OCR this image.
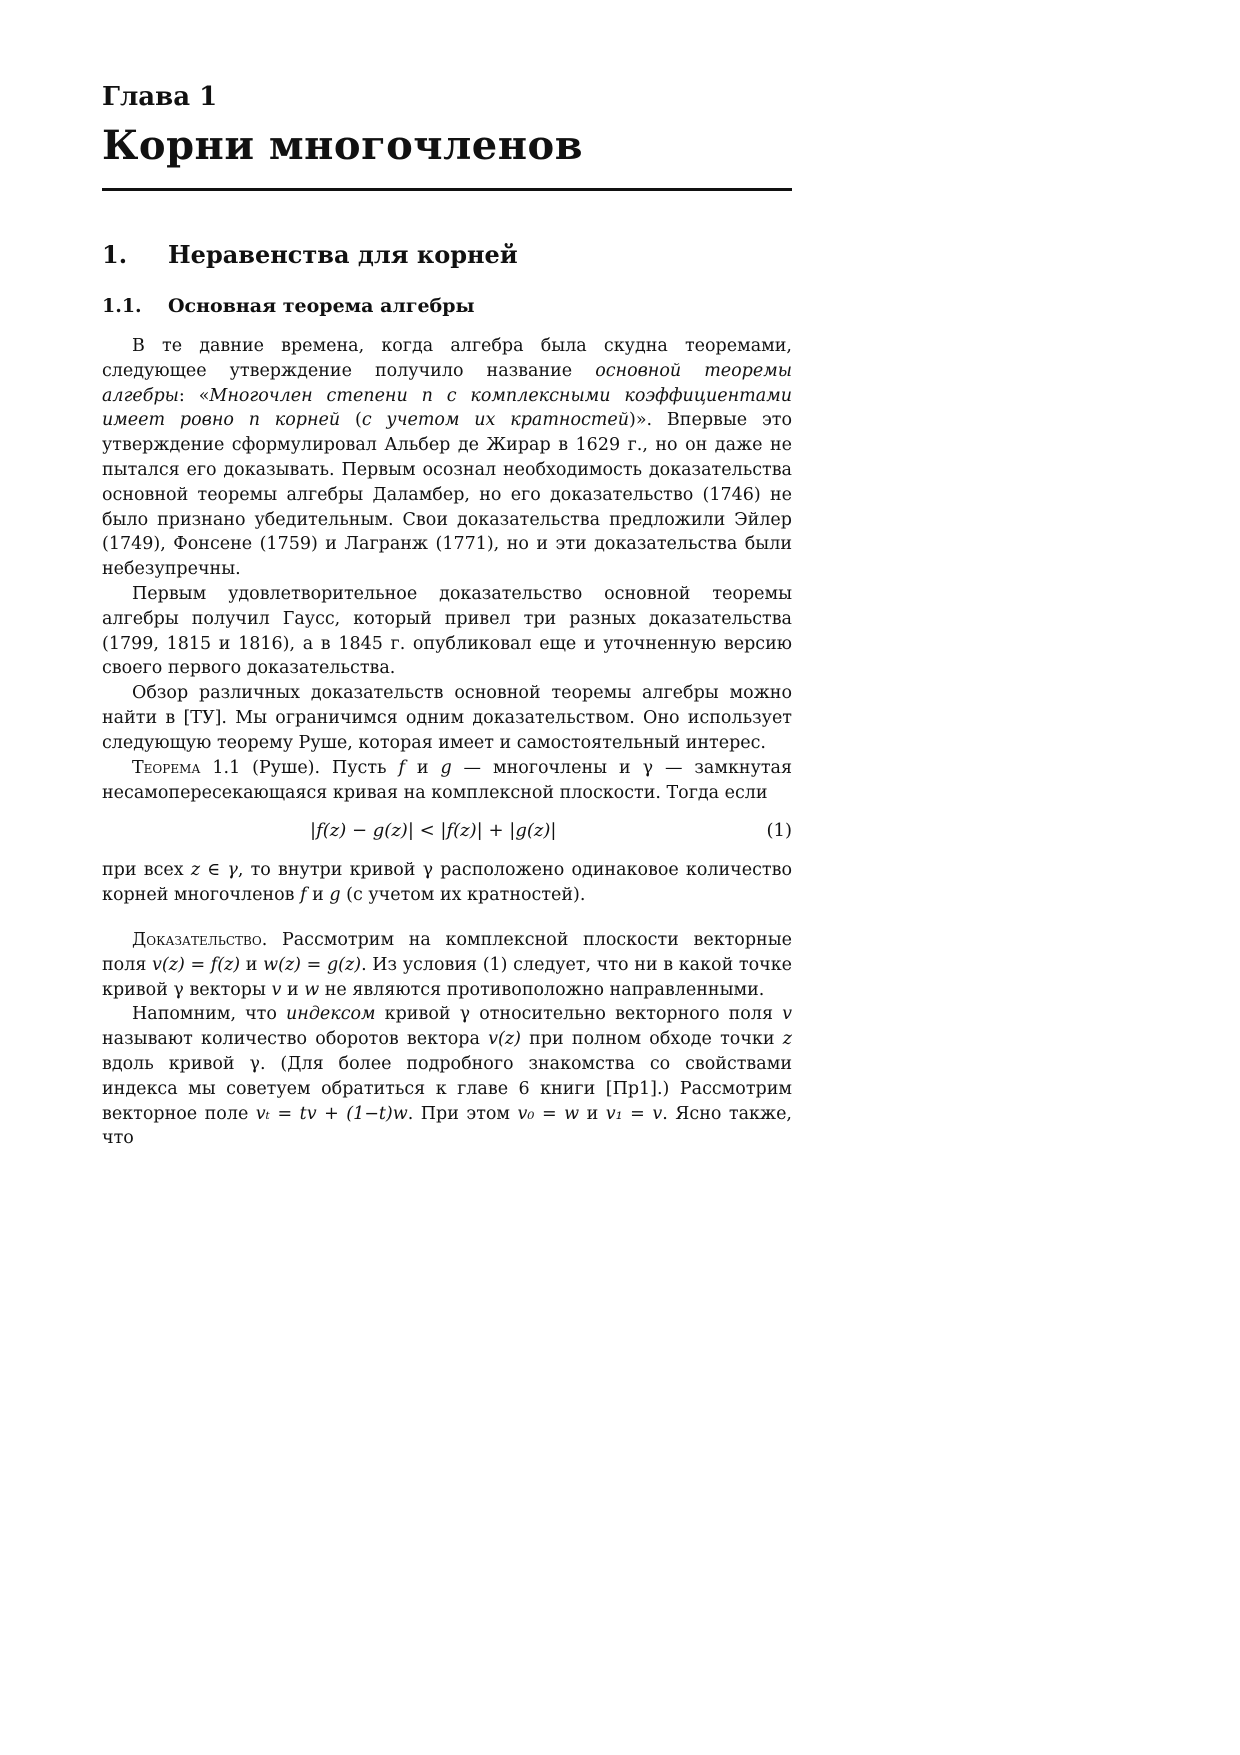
Глава 1
Корни многочленов
1. Неравенства для корней
1.1. Основная теорема алгебры

В те давние времена, когда алгебра была скудна теоремами, следующее утверждение получило название основной теоремы алгебры: «Многочлен степени n с комплексными коэффициентами имеет ровно n корней (с учетом их кратностей)». Впервые это утверждение сформулировал Альбер де Жирар в 1629 г., но он даже не пытался его доказывать. Первым осознал необходимость доказательства основной теоремы алгебры Даламбер, но его доказательство (1746) не было признано убедительным. Свои доказательства предложили Эйлер (1749), Фонсене (1759) и Лагранж (1771), но и эти доказательства были небезупречны.

Первым удовлетворительное доказательство основной теоремы алгебры получил Гаусс, который привел три разных доказательства (1799, 1815 и 1816), а в 1845 г. опубликовал еще и уточненную версию своего первого доказательства.

Обзор различных доказательств основной теоремы алгебры можно найти в [ТУ]. Мы ограничимся одним доказательством. Оно использует следующую теорему Руше, которая имеет и самостоятельный интерес.

Теорема 1.1 (Руше). Пусть f и g — многочлены и γ — замкнутая несамопересекающаяся кривая на комплексной плоскости. Тогда если

|f(z) − g(z)| < |f(z)| + |g(z)|	(1)

при всех z ∈ γ, то внутри кривой γ расположено одинаковое количество корней многочленов f и g (с учетом их кратностей).

Доказательство. Рассмотрим на комплексной плоскости векторные поля v(z) = f(z) и w(z) = g(z). Из условия (1) следует, что ни в какой точке кривой γ векторы v и w не являются противоположно направленными.

Напомним, что индексом кривой γ относительно векторного поля v называют количество оборотов вектора v(z) при полном обходе точки z вдоль кривой γ. (Для более подробного знакомства со свойствами индекса мы советуем обратиться к главе 6 книги [Пр1].) Рассмотрим векторное поле vₜ = tv + (1−t)w. При этом v₀ = w и v₁ = v. Ясно также, что
